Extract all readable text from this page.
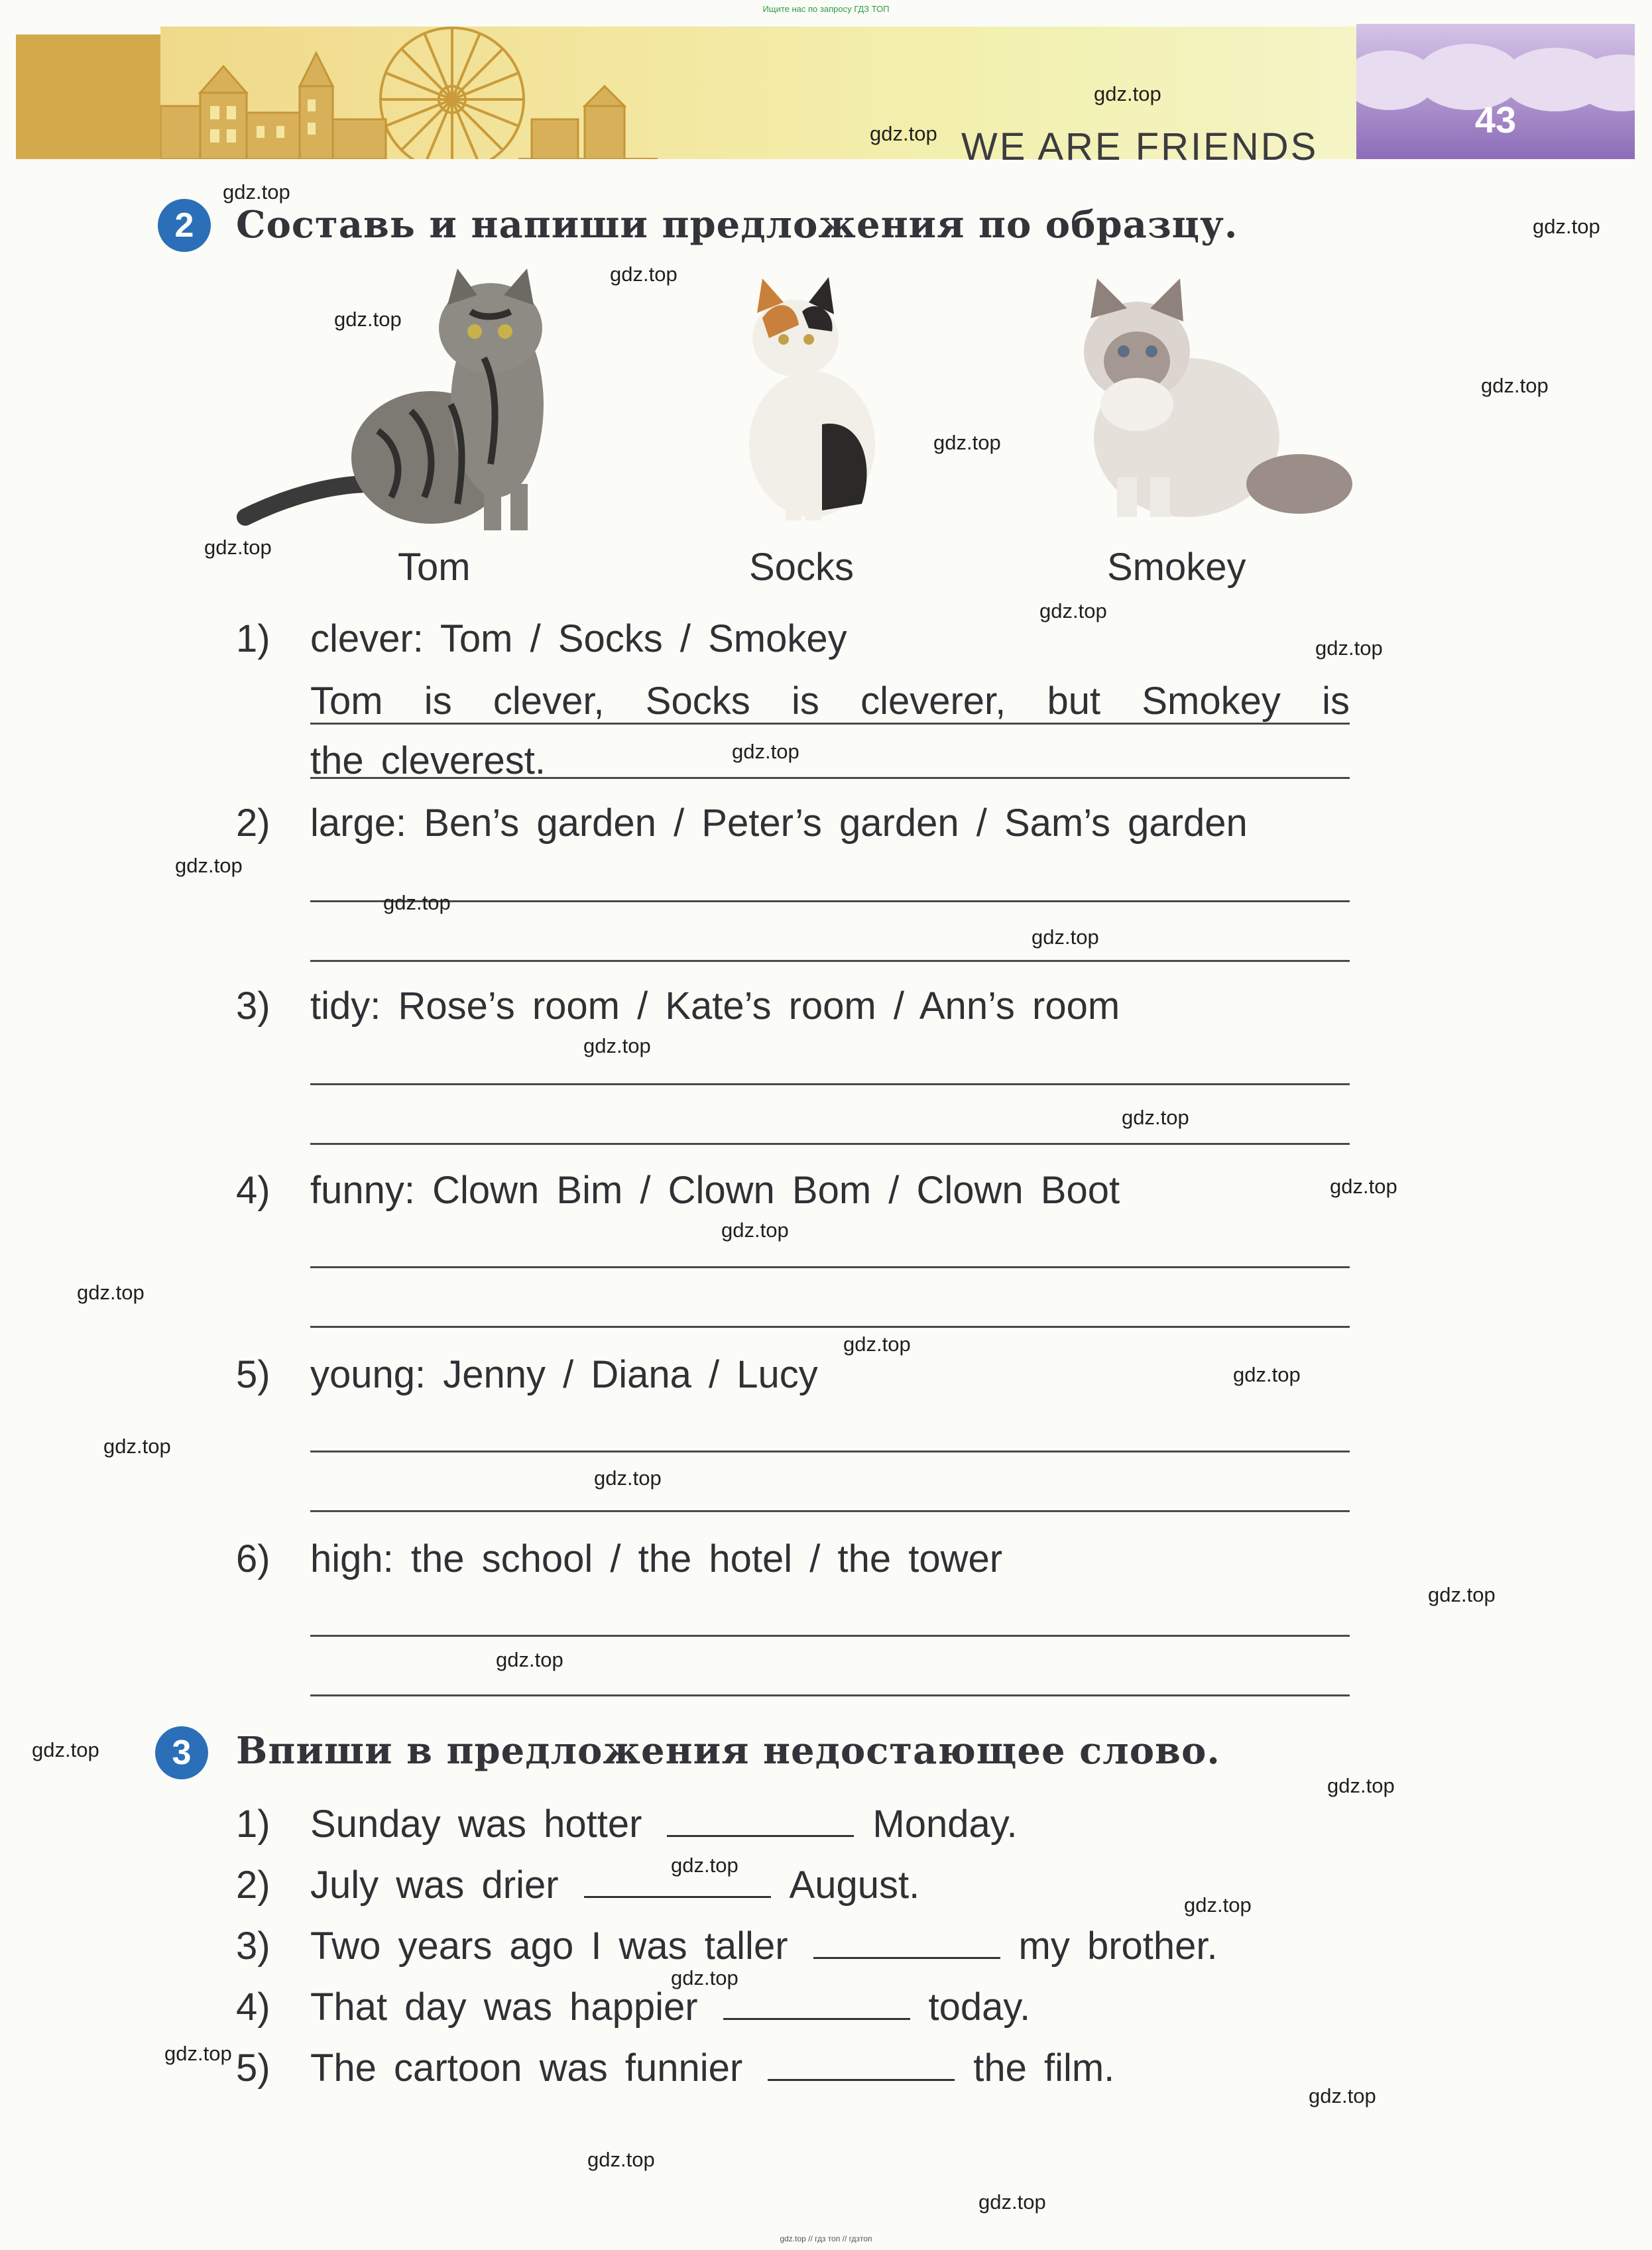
Ищите нас по запросу ГДЗ ТОП
WE ARE FRIENDS
43
2	Составь и напиши предложения по образцу.
Tom	Socks	Smokey
1) clever: Tom / Socks / Smokey
Tom is clever, Socks is cleverer, but Smokey is
the cleverest.
2) large: Ben’s garden / Peter’s garden / Sam’s garden
3) tidy: Rose’s room / Kate’s room / Ann’s room
4) funny: Clown Bim / Clown Bom / Clown Boot
5) young: Jenny / Diana / Lucy
6) high: the school / the hotel / the tower
3	Впиши в предложения недостающее слово.
1) Sunday was hotter	Monday.
2) July was drier	August.
3) Two years ago I was taller	my brother.
4) That day was happier	today.
5) The cartoon was funnier	the film.
gdz.top
gdz.top
gdz.top
gdz.top
gdz.top
gdz.top
gdz.top
gdz.top
gdz.top
gdz.top
gdz.top
gdz.top
gdz.top
gdz.top
gdz.top
gdz.top
gdz.top
gdz.top
gdz.top
gdz.top
gdz.top
gdz.top
gdz.top
gdz.top
gdz.top
gdz.top
gdz.top
gdz.top
gdz.top
gdz.top
gdz.top
gdz.top
gdz.top
gdz.top
gdz.top
gdz.top // гдз топ // гдзтоп
